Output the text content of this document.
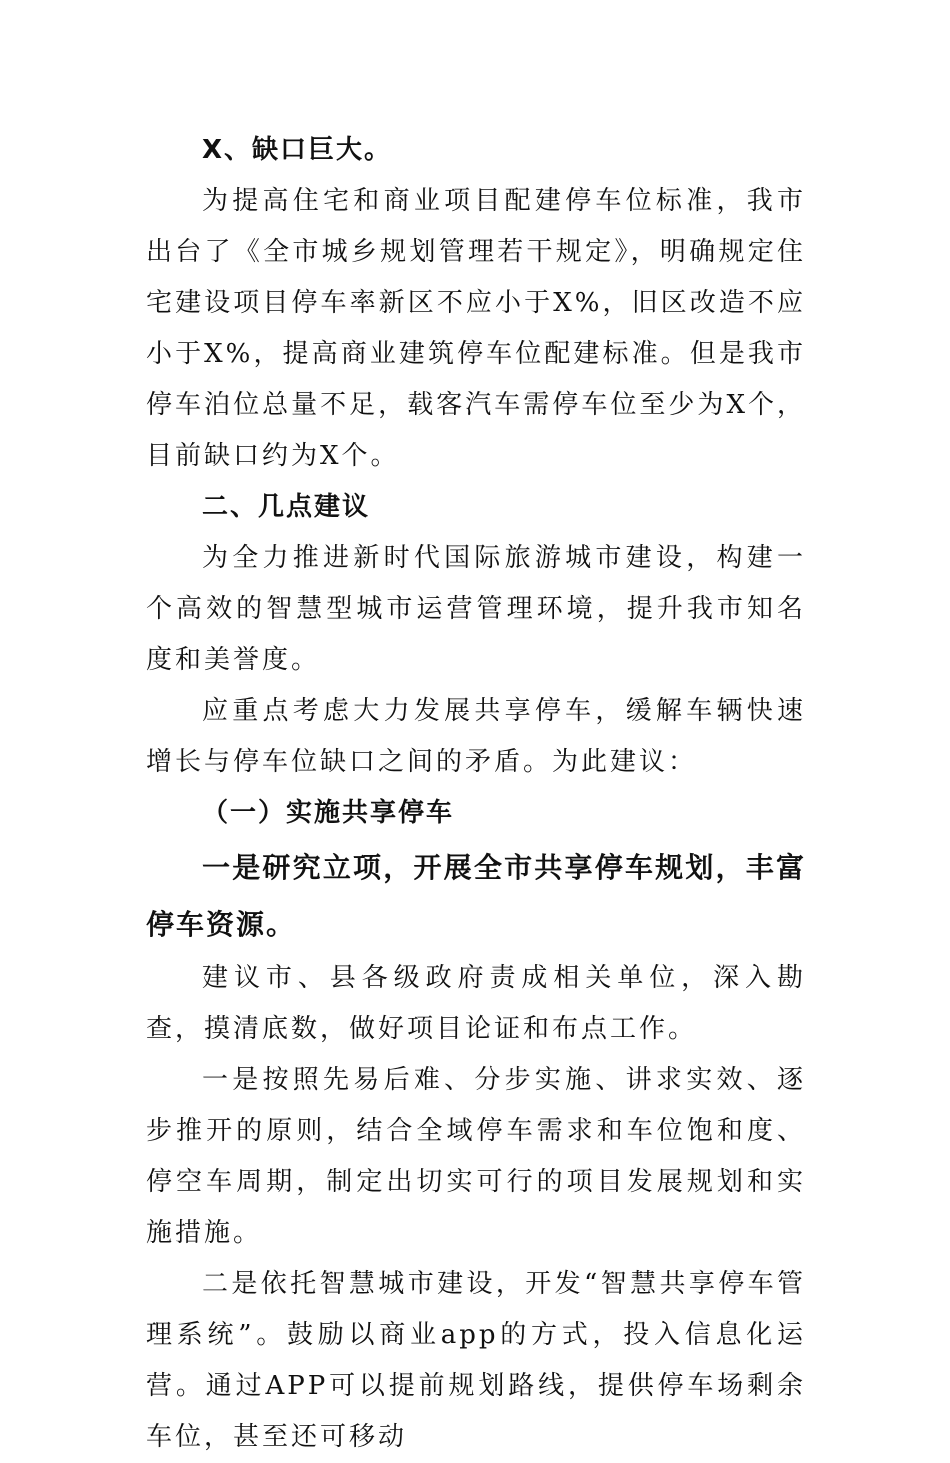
X、缺口巨大。

为提高住宅和商业项目配建停车位标准，我市出台了《全市城乡规划管理若干规定》，明确规定住宅建设项目停车率新区不应小于X%，旧区改造不应小于X%，提高商业建筑停车位配建标准。但是我市停车泊位总量不足，载客汽车需停车位至少为X个，目前缺口约为X个。

二、几点建议

为全力推进新时代国际旅游城市建设，构建一个高效的智慧型城市运营管理环境，提升我市知名度和美誉度。

应重点考虑大力发展共享停车，缓解车辆快速增长与停车位缺口之间的矛盾。为此建议：

（一）实施共享停车

一是研究立项，开展全市共享停车规划，丰富停车资源。

建议市、县各级政府责成相关单位，深入勘查，摸清底数，做好项目论证和布点工作。

一是按照先易后难、分步实施、讲求实效、逐步推开的原则，结合全域停车需求和车位饱和度、停空车周期，制定出切实可行的项目发展规划和实施措施。

二是依托智慧城市建设，开发“智慧共享停车管理系统”。鼓励以商业app的方式，投入信息化运营。通过APP可以提前规划路线，提供停车场剩余车位，甚至还可移动
